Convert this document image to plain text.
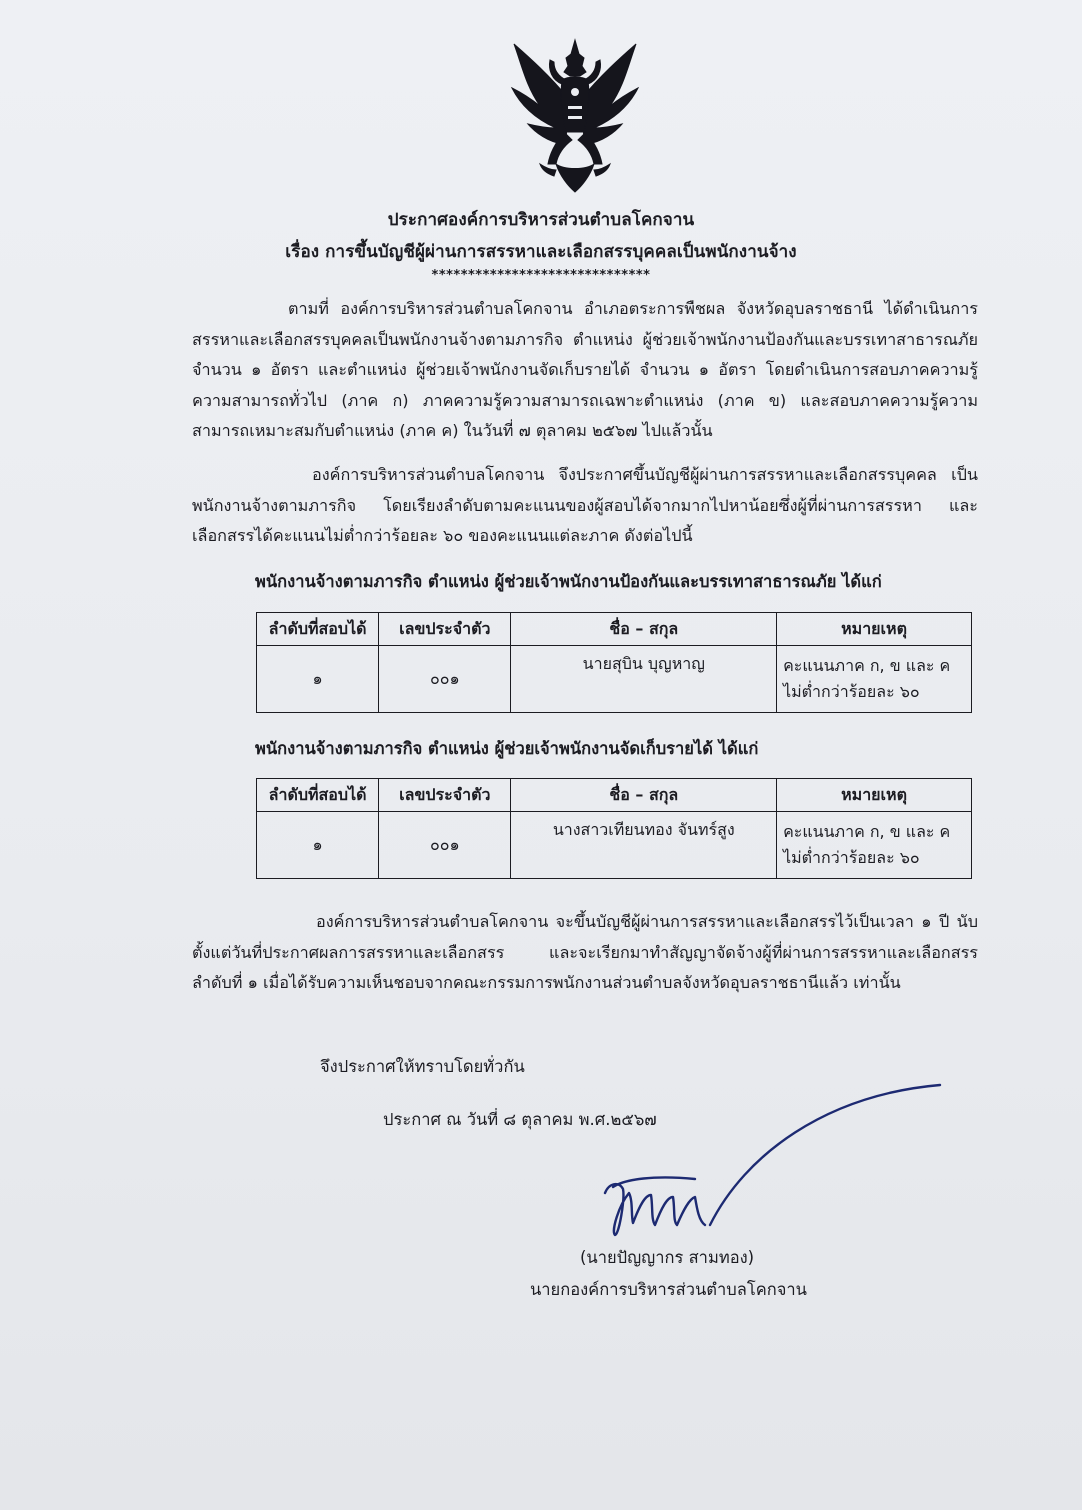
ประกาศองค์การบริหารส่วนตำบลโคกจาน
เรื่อง การขึ้นบัญชีผู้ผ่านการสรรหาและเลือกสรรบุคคลเป็นพนักงานจ้าง
******************************
ตามที่ องค์การบริหารส่วนตำบลโคกจาน อำเภอตระการพืชผล จังหวัดอุบลราชธานี ได้ดำเนินการสรรหาและเลือกสรรบุคคลเป็นพนักงานจ้างตามภารกิจ ตำแหน่ง ผู้ช่วยเจ้าพนักงานป้องกันและบรรเทาสาธารณภัย จำนวน ๑ อัตรา และตำแหน่ง ผู้ช่วยเจ้าพนักงานจัดเก็บรายได้ จำนวน ๑ อัตรา โดยดำเนินการสอบภาคความรู้ความสามารถทั่วไป (ภาค ก) ภาคความรู้ความสามารถเฉพาะตำแหน่ง (ภาค ข) และสอบภาคความรู้ความสามารถเหมาะสมกับตำแหน่ง (ภาค ค) ในวันที่ ๗ ตุลาคม ๒๕๖๗ ไปแล้วนั้น
องค์การบริหารส่วนตำบลโคกจาน จึงประกาศขึ้นบัญชีผู้ผ่านการสรรหาและเลือกสรรบุคคล เป็นพนักงานจ้างตามภารกิจ โดยเรียงลำดับตามคะแนนของผู้สอบได้จากมากไปหาน้อยซึ่งผู้ที่ผ่านการสรรหา และเลือกสรรได้คะแนนไม่ต่ำกว่าร้อยละ ๖๐ ของคะแนนแต่ละภาค ดังต่อไปนี้
พนักงานจ้างตามภารกิจ ตำแหน่ง ผู้ช่วยเจ้าพนักงานป้องกันและบรรเทาสาธารณภัย ได้แก่
ลำดับที่สอบได้	เลขประจำตัว	ชื่อ – สกุล	หมายเหตุ
๑	๐๐๑	นายสุบิน บุญหาญ	คะแนนภาค ก, ข และ ค
ไม่ต่ำกว่าร้อยละ ๖๐
พนักงานจ้างตามภารกิจ ตำแหน่ง ผู้ช่วยเจ้าพนักงานจัดเก็บรายได้ ได้แก่
ลำดับที่สอบได้	เลขประจำตัว	ชื่อ – สกุล	หมายเหตุ
๑	๐๐๑	นางสาวเทียนทอง จันทร์สูง	คะแนนภาค ก, ข และ ค
ไม่ต่ำกว่าร้อยละ ๖๐
องค์การบริหารส่วนตำบลโคกจาน จะขึ้นบัญชีผู้ผ่านการสรรหาและเลือกสรรไว้เป็นเวลา ๑ ปี นับตั้งแต่วันที่ประกาศผลการสรรหาและเลือกสรร และจะเรียกมาทำสัญญาจัดจ้างผู้ที่ผ่านการสรรหาและเลือกสรรลำดับที่ ๑ เมื่อได้รับความเห็นชอบจากคณะกรรมการพนักงานส่วนตำบลจังหวัดอุบลราชธานีแล้ว เท่านั้น
จึงประกาศให้ทราบโดยทั่วกัน
ประกาศ ณ วันที่ ๘ ตุลาคม พ.ศ.๒๕๖๗
(นายปัญญากร สามทอง)
นายกองค์การบริหารส่วนตำบลโคกจาน
